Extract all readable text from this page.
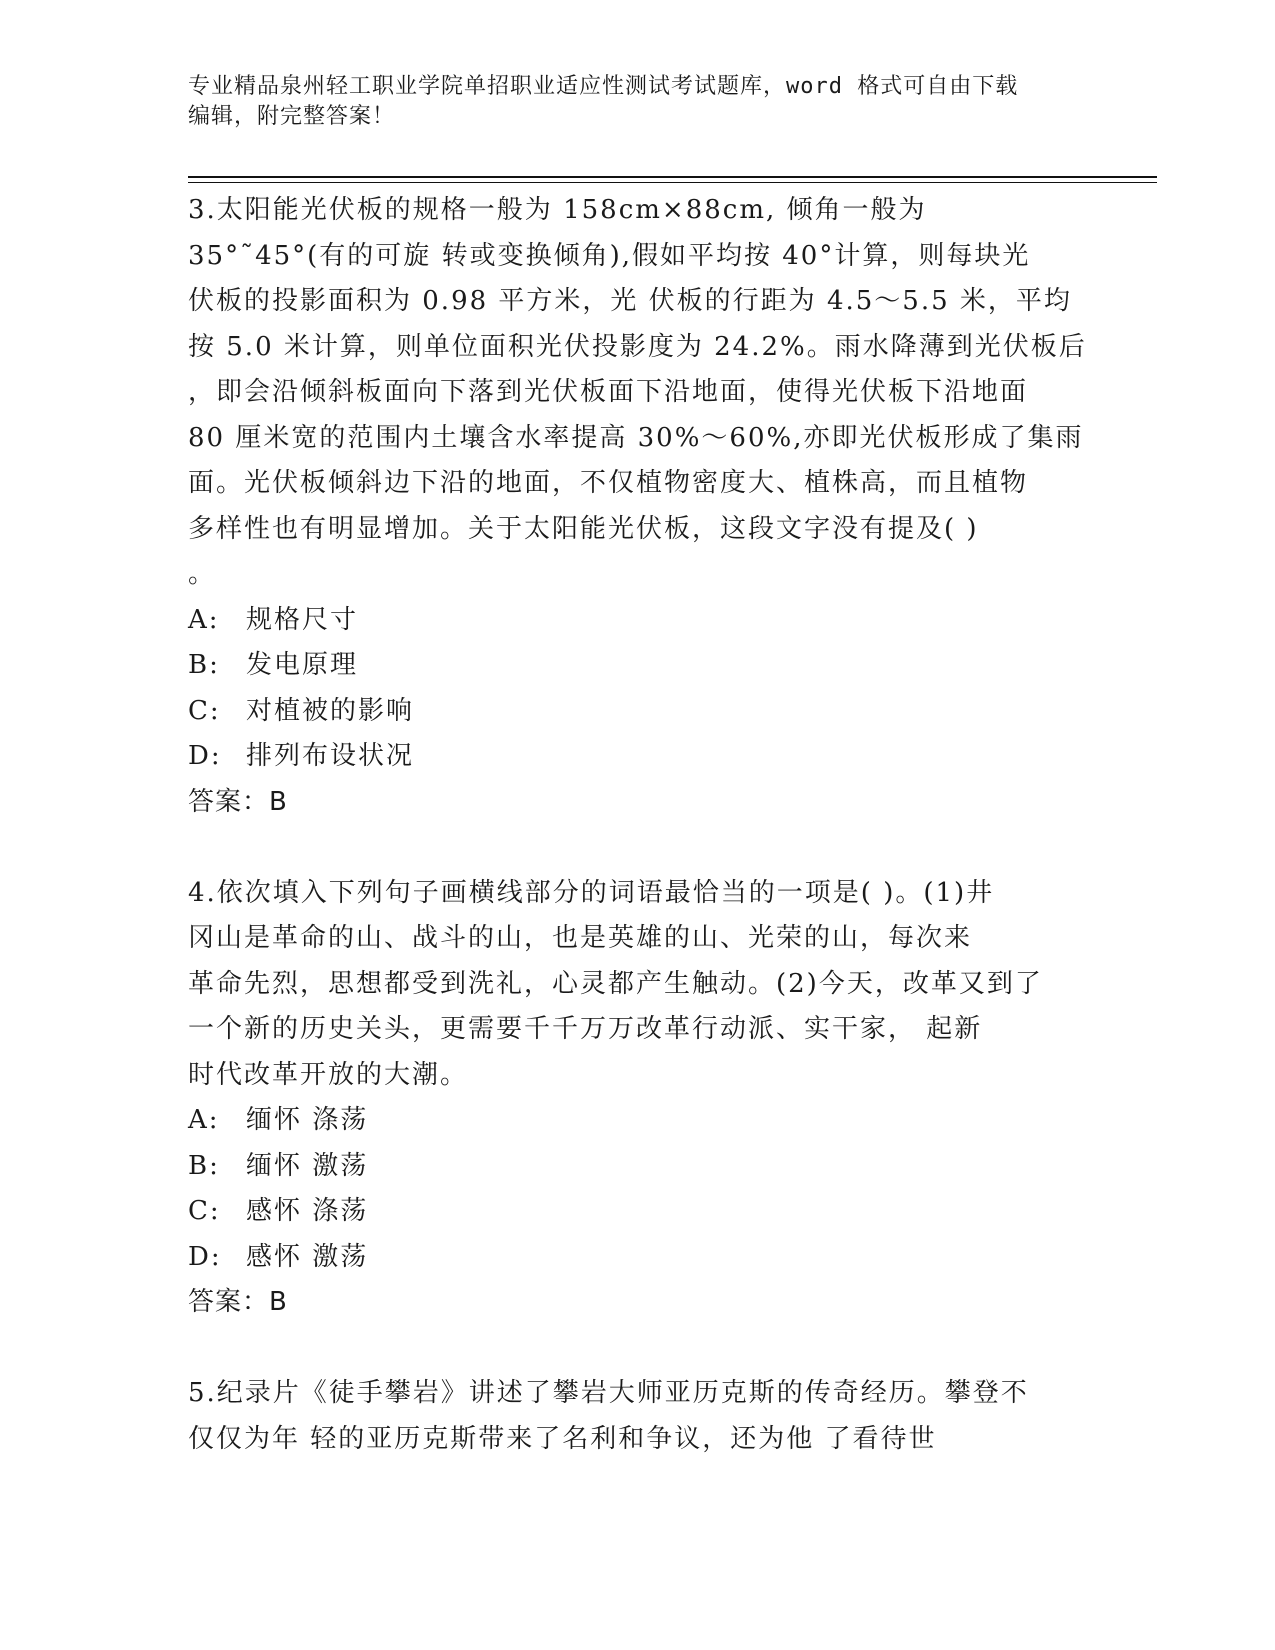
专业精品泉州轻工职业学院单招职业适应性测试考试题库，word 格式可自由下载
编辑，附完整答案！
3.太阳能光伏板的规格一般为 158cm×88cm, 倾角一般为
35°˜45°(有的可旋 转或变换倾角),假如平均按 40°计算，则每块光
伏板的投影面积为 0.98 平方米，光 伏板的行距为 4.5～5.5 米，平均
按 5.0 米计算，则单位面积光伏投影度为 24.2%。雨水降薄到光伏板后
，即会沿倾斜板面向下落到光伏板面下沿地面，使得光伏板下沿地面
80 厘米宽的范围内土壤含水率提高 30%～60%,亦即光伏板形成了集雨
面。光伏板倾斜边下沿的地面，不仅植物密度大、植株高，而且植物
多样性也有明显增加。关于太阳能光伏板，这段文字没有提及( )
。
A: 规格尺寸
B: 发电原理
C: 对植被的影响
D: 排列布设状况
答案：B
4.依次填入下列句子画横线部分的词语最恰当的一项是( )。(1)井
冈山是革命的山、战斗的山，也是英雄的山、光荣的山，每次来
革命先烈，思想都受到洗礼，心灵都产生触动。(2)今天，改革又到了
一个新的历史关头，更需要千千万万改革行动派、实干家， 起新
时代改革开放的大潮。
A: 缅怀 涤荡
B: 缅怀 激荡
C: 感怀 涤荡
D: 感怀 激荡
答案：B
5.纪录片《徒手攀岩》讲述了攀岩大师亚历克斯的传奇经历。攀登不
仅仅为年 轻的亚历克斯带来了名利和争议，还为他 了看待世
